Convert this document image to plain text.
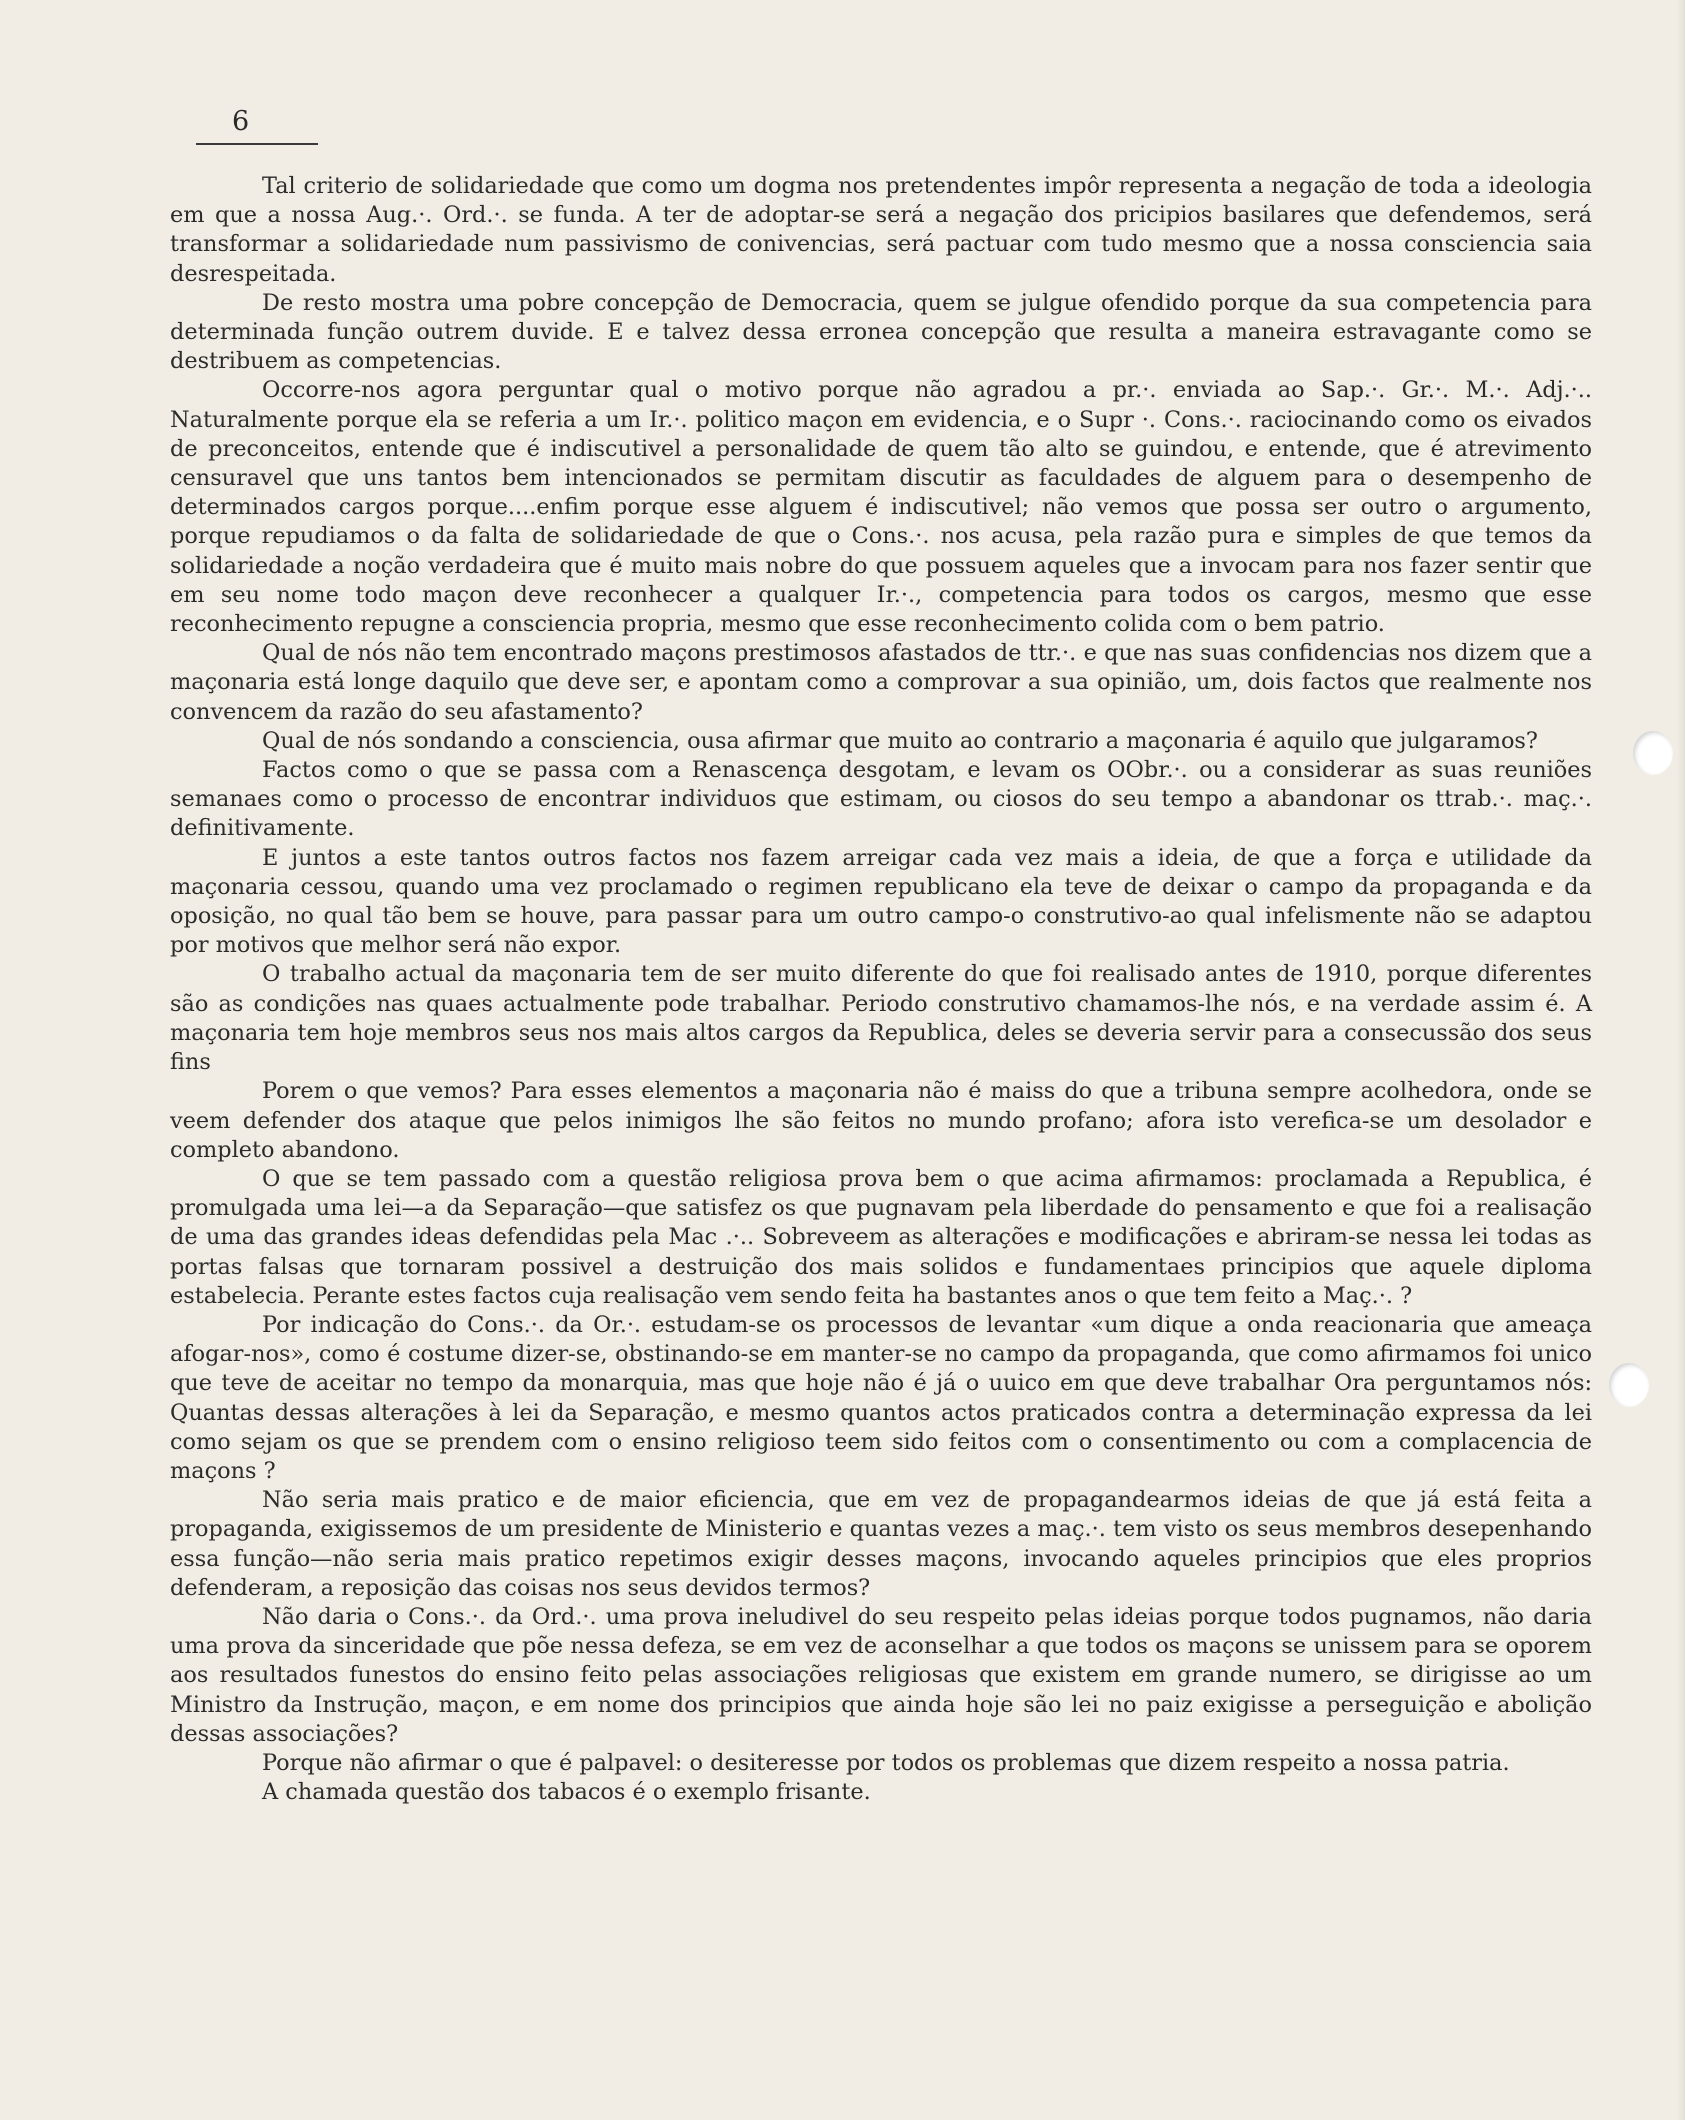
6

Tal criterio de solidariedade que como um dogma nos pretendentes impôr representa a negação de toda a ideologia em que a nossa Aug.·. Ord.·. se funda. A ter de adoptar-se será a negação dos pricipios basilares que defendemos, será transformar a solidariedade num passivismo de conivencias, será pactuar com tudo mesmo que a nossa consciencia saia desrespeitada.

De resto mostra uma pobre concepção de Democracia, quem se julgue ofendido porque da sua competencia para determinada função outrem duvide. E e talvez dessa erronea concepção que resulta a maneira estravagante como se destribuem as competencias.

Occorre-nos agora perguntar qual o motivo porque não agradou a pr.·. enviada ao Sap.·. Gr.·. M.·. Adj.·.. Naturalmente porque ela se referia a um Ir.·. politico maçon em evidencia, e o Supr ·. Cons.·. raciocinando como os eivados de preconceitos, entende que é indiscutivel a personalidade de quem tão alto se guindou, e entende, que é atrevimento censuravel que uns tantos bem intencionados se permitam discutir as faculdades de alguem para o desempenho de determinados cargos porque....enfim porque esse alguem é indiscutivel; não vemos que possa ser outro o argumento, porque repudiamos o da falta de solidariedade de que o Cons.·. nos acusa, pela razão pura e simples de que temos da solidariedade a noção verdadeira que é muito mais nobre do que possuem aqueles que a invocam para nos fazer sentir que em seu nome todo maçon deve reconhecer a qualquer Ir.·., competencia para todos os cargos, mesmo que esse reconhecimento repugne a consciencia propria, mesmo que esse reconhecimento colida com o bem patrio.

Qual de nós não tem encontrado maçons prestimosos afastados de ttr.·. e que nas suas confidencias nos dizem que a maçonaria está longe daquilo que deve ser, e apontam como a comprovar a sua opinião, um, dois factos que realmente nos convencem da razão do seu afastamento?

Qual de nós sondando a consciencia, ousa afirmar que muito ao contrario a maçonaria é aquilo que julgaramos?

Factos como o que se passa com a Renascença desgotam, e levam os OObr.·. ou a considerar as suas reuniões semanaes como o processo de encontrar individuos que estimam, ou ciosos do seu tempo a abandonar os ttrab.·. maç.·. definitivamente.

E juntos a este tantos outros factos nos fazem arreigar cada vez mais a ideia, de que a força e utilidade da maçonaria cessou, quando uma vez proclamado o regimen republicano ela teve de deixar o campo da propaganda e da oposição, no qual tão bem se houve, para passar para um outro campo-o construtivo-ao qual infelismente não se adaptou por motivos que melhor será não expor.

O trabalho actual da maçonaria tem de ser muito diferente do que foi realisado antes de 1910, porque diferentes são as condições nas quaes actualmente pode trabalhar. Periodo construtivo chamamos-lhe nós, e na verdade assim é. A maçonaria tem hoje membros seus nos mais altos cargos da Republica, deles se deveria servir para a consecussão dos seus fins

Porem o que vemos? Para esses elementos a maçonaria não é maiss do que a tribuna sempre acolhedora, onde se veem defender dos ataque que pelos inimigos lhe são feitos no mundo profano; afora isto verefica-se um desolador e completo abandono.

O que se tem passado com a questão religiosa prova bem o que acima afirmamos: proclamada a Republica, é promulgada uma lei—a da Separação—que satisfez os que pugnavam pela liberdade do pensamento e que foi a realisação de uma das grandes ideas defendidas pela Mac .·.. Sobreveem as alterações e modificações e abriram-se nessa lei todas as portas falsas que tornaram possivel a destruição dos mais solidos e fundamentaes principios que aquele diploma estabelecia. Perante estes factos cuja realisação vem sendo feita ha bastantes anos o que tem feito a Maç.·. ?

Por indicação do Cons.·. da Or.·. estudam-se os processos de levantar «um dique a onda reacionaria que ameaça afogar-nos», como é costume dizer-se, obstinando-se em manter-se no campo da propaganda, que como afirmamos foi unico que teve de aceitar no tempo da monarquia, mas que hoje não é já o uuico em que deve trabalhar Ora perguntamos nós: Quantas dessas alterações à lei da Separação, e mesmo quantos actos praticados contra a determinação expressa da lei como sejam os que se prendem com o ensino religioso teem sido feitos com o consentimento ou com a complacencia de maçons ?

Não seria mais pratico e de maior eficiencia, que em vez de propagandearmos ideias de que já está feita a propaganda, exigissemos de um presidente de Ministerio e quantas vezes a maç.·. tem visto os seus membros desepenhando essa função—não seria mais pratico repetimos exigir desses maçons, invocando aqueles principios que eles proprios defenderam, a reposição das coisas nos seus devidos termos?

Não daria o Cons.·. da Ord.·. uma prova ineludivel do seu respeito pelas ideias porque todos pugnamos, não daria uma prova da sinceridade que põe nessa defeza, se em vez de aconselhar a que todos os maçons se unissem para se oporem aos resultados funestos do ensino feito pelas associações religiosas que existem em grande numero, se dirigisse ao um Ministro da Instrução, maçon, e em nome dos principios que ainda hoje são lei no paiz exigisse a perseguição e abolição dessas associações?

Porque não afirmar o que é palpavel: o desiteresse por todos os problemas que dizem respeito a nossa patria.

A chamada questão dos tabacos é o exemplo frisante.
